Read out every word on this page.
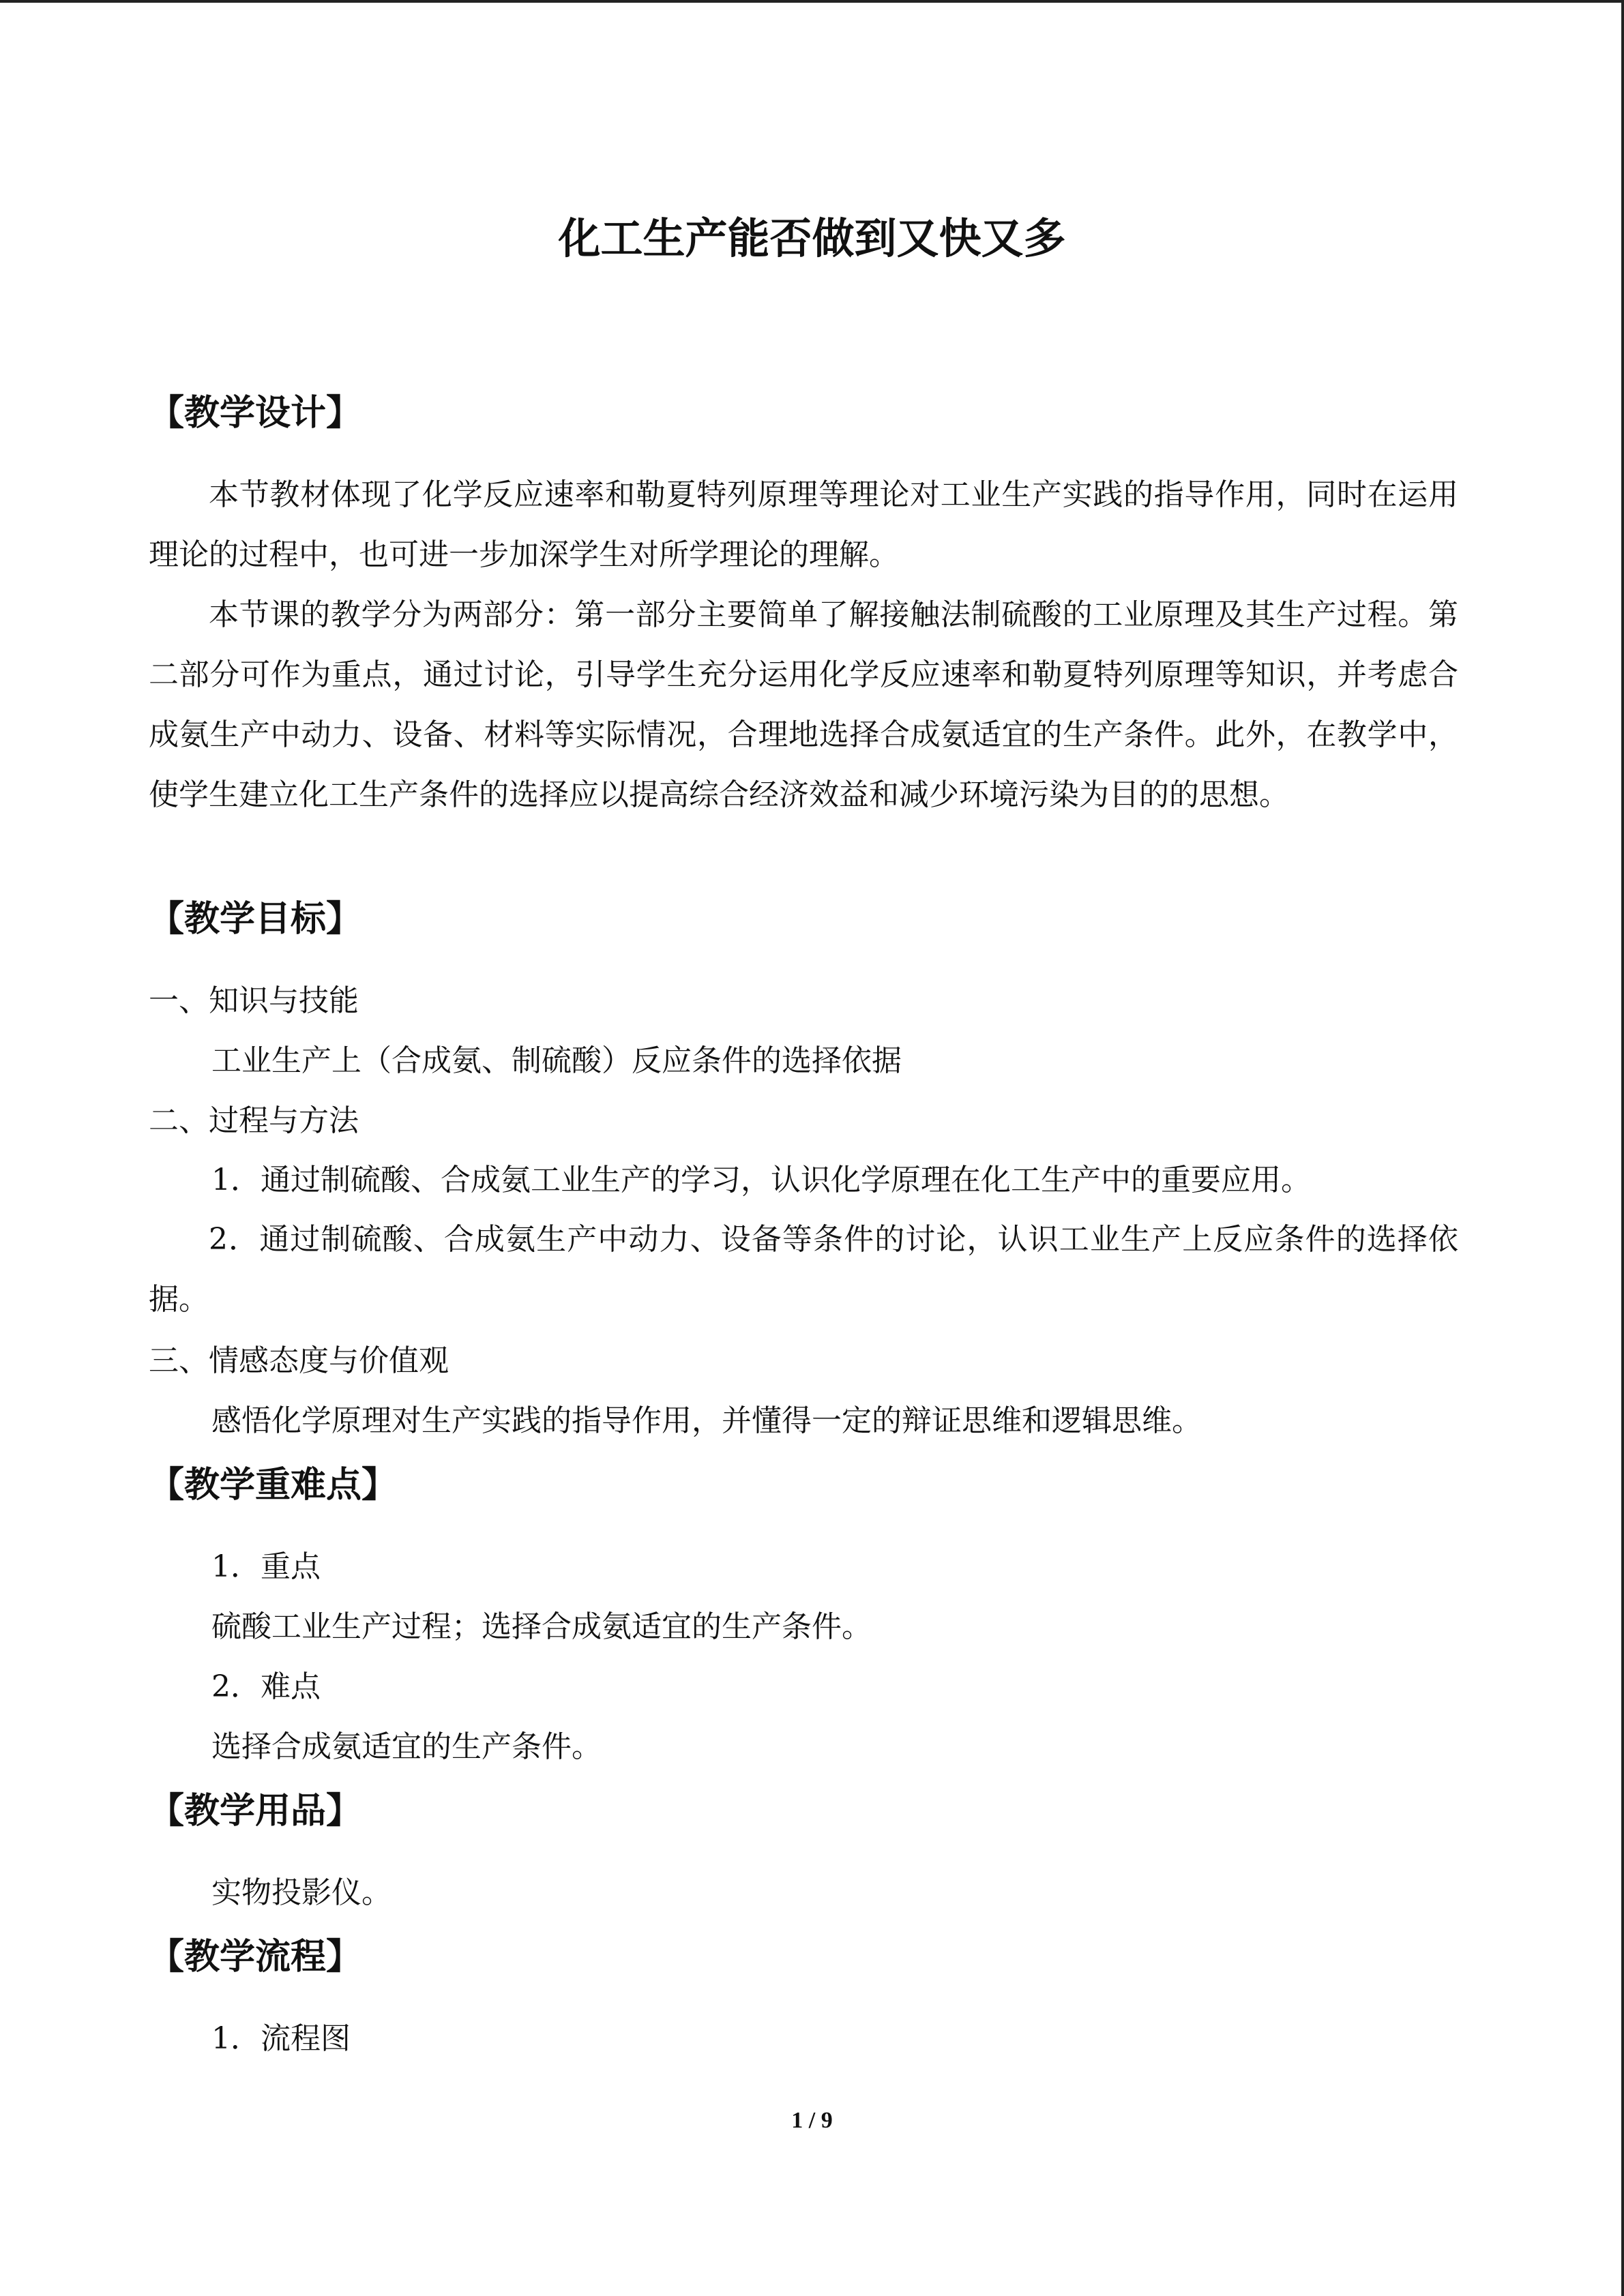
化工生产能否做到又快又多
【教学设计】
本节教材体现了化学反应速率和勒夏特列原理等理论对工业生产实践的指导作用，同时在运用理论的过程中，也可进一步加深学生对所学理论的理解。
本节课的教学分为两部分：第一部分主要简单了解接触法制硫酸的工业原理及其生产过程。第二部分可作为重点，通过讨论，引导学生充分运用化学反应速率和勒夏特列原理等知识，并考虑合成氨生产中动力、设备、材料等实际情况，合理地选择合成氨适宜的生产条件。此外，在教学中，使学生建立化工生产条件的选择应以提高综合经济效益和减少环境污染为目的的思想。
【教学目标】
一、知识与技能
工业生产上（合成氨、制硫酸）反应条件的选择依据
二、过程与方法
1．通过制硫酸、合成氨工业生产的学习，认识化学原理在化工生产中的重要应用。
2．通过制硫酸、合成氨生产中动力、设备等条件的讨论，认识工业生产上反应条件的选择依据。
三、情感态度与价值观
感悟化学原理对生产实践的指导作用，并懂得一定的辩证思维和逻辑思维。
【教学重难点】
1．重点
硫酸工业生产过程；选择合成氨适宜的生产条件。
2．难点
选择合成氨适宜的生产条件。
【教学用品】
实物投影仪。
【教学流程】
1．流程图
1 / 9
